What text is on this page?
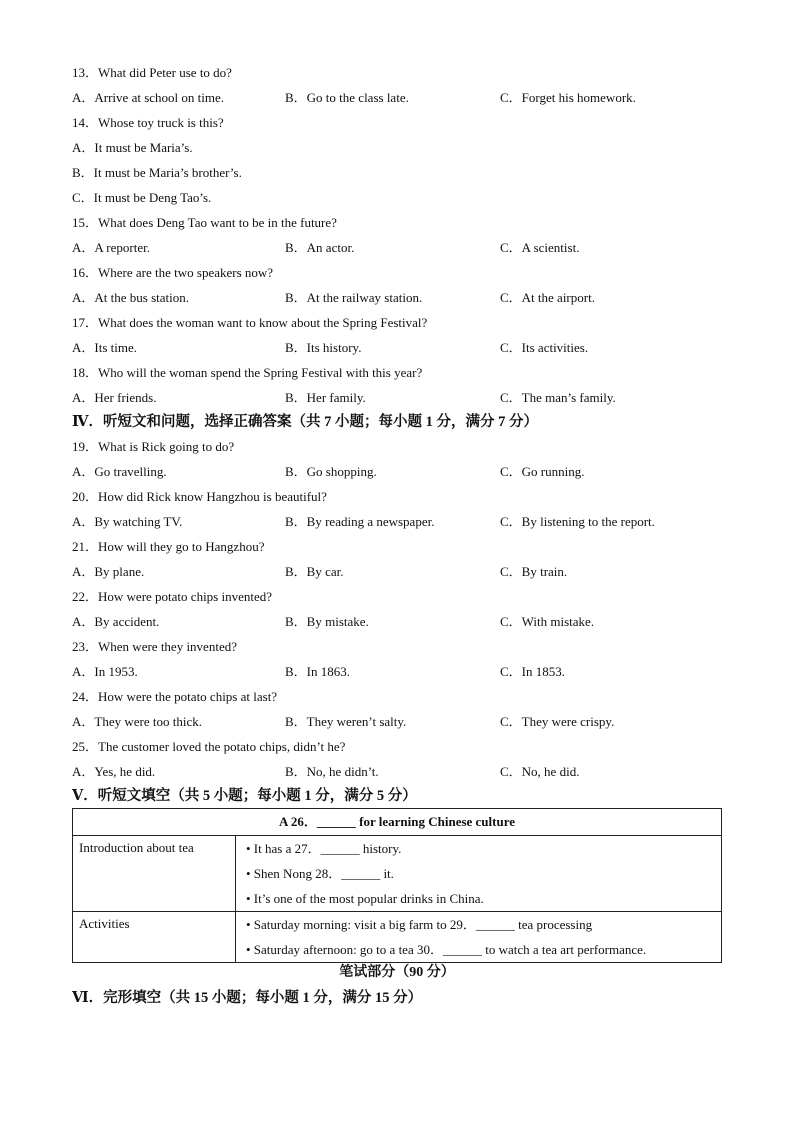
13．What did Peter use to do?
A．Arrive at school on time.	B．Go to the class late.	C．Forget his homework.
14．Whose toy truck is this?
A．It must be Maria’s.
B．It must be Maria’s brother’s.
C．It must be Deng Tao’s.
15．What does Deng Tao want to be in the future?
A．A reporter.	B．An actor.	C．A scientist.
16．Where are the two speakers now?
A．At the bus station.	B．At the railway station.	C．At the airport.
17．What does the woman want to know about the Spring Festival?
A．Its time.	B．Its history.	C．Its activities.
18．Who will the woman spend the Spring Festival with this year?
A．Her friends.	B．Her family.	C．The man’s family.
Ⅳ．听短文和问题，选择正确答案（共 7 小题；每小题 1 分，满分 7 分）
19．What is Rick going to do?
A．Go travelling.	B．Go shopping.	C．Go running.
20．How did Rick know Hangzhou is beautiful?
A．By watching TV.	B．By reading a newspaper.	C．By listening to the report.
21．How will they go to Hangzhou?
A．By plane.	B．By car.	C．By train.
22．How were potato chips invented?
A．By accident.	B．By mistake.	C．With mistake.
23．When were they invented?
A．In 1953.	B．In 1863.	C．In 1853.
24．How were the potato chips at last?
A．They were too thick.	B．They weren’t salty.	C．They were crispy.
25．The customer loved the potato chips, didn’t he?
A．Yes, he did.	B．No, he didn’t.	C．No, he did.
Ⅴ．听短文填空（共 5 小题；每小题 1 分，满分 5 分）
A 26．______ for learning Chinese culture	
Introduction about tea	• It has a 27．______ history.
• Shen Nong 28．______ it.
• It’s one of the most popular drinks in China.

Activities	• Saturday morning: visit a big farm to 29．______ tea processing
• Saturday afternoon: go to a tea 30．______ to watch a tea art performance.
笔试部分（90 分）
Ⅵ．完形填空（共 15 小题；每小题 1 分，满分 15 分）
